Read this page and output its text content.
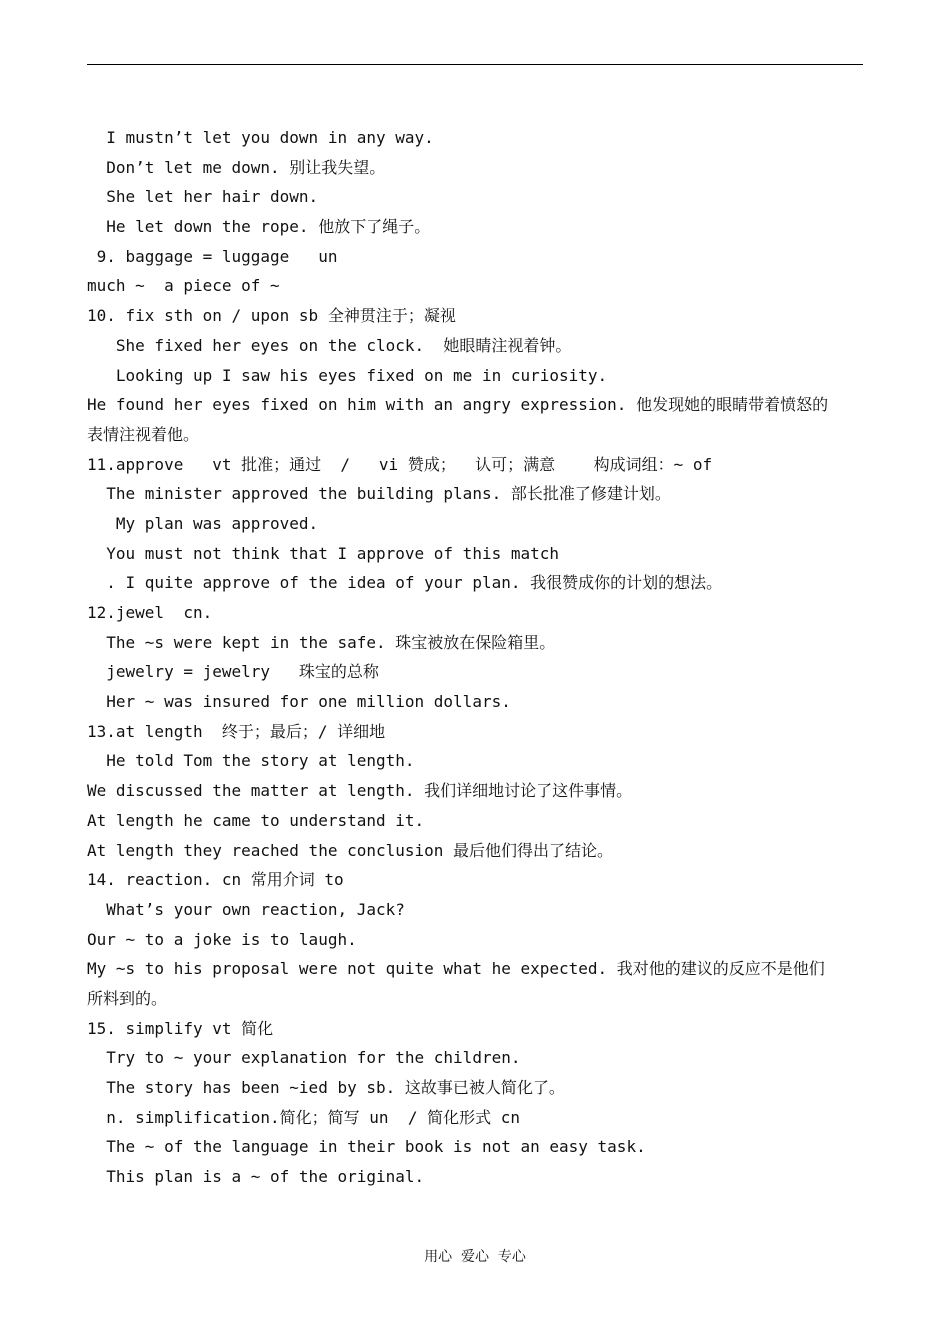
I mustn’t let you down in any way.
Don’t let me down. 别让我失望。
She let her hair down.
He let down the rope. 他放下了绳子。
9. baggage = luggage   un
much ~  a piece of ~
10. fix sth on / upon sb 全神贯注于；凝视
She fixed her eyes on the clock.  她眼睛注视着钟。
Looking up I saw his eyes fixed on me in curiosity.
He found her eyes fixed on him with an angry expression. 他发现她的眼睛带着愤怒的
表情注视着他。
11.approve   vt 批准；通过  /   vi 赞成；  认可；满意    构成词组：~ of
The minister approved the building plans. 部长批准了修建计划。
My plan was approved.
You must not think that I approve of this match
. I quite approve of the idea of your plan. 我很赞成你的计划的想法。
12.jewel  cn.
The ~s were kept in the safe. 珠宝被放在保险箱里。
jewelry = jewelry   珠宝的总称
Her ~ was insured for one million dollars.
13.at length  终于；最后；/ 详细地
He told Tom the story at length.
We discussed the matter at length. 我们详细地讨论了这件事情。
At length he came to understand it.
At length they reached the conclusion 最后他们得出了结论。
14. reaction. cn 常用介词 to
What’s your own reaction, Jack?
Our ~ to a joke is to laugh.
My ~s to his proposal were not quite what he expected. 我对他的建议的反应不是他们
所料到的。
15. simplify vt 简化
Try to ~ your explanation for the children.
The story has been ~ied by sb. 这故事已被人简化了。
n. simplification.简化；简写 un  / 简化形式 cn
The ~ of the language in their book is not an easy task.
This plan is a ~ of the original.
用心  爱心  专心
